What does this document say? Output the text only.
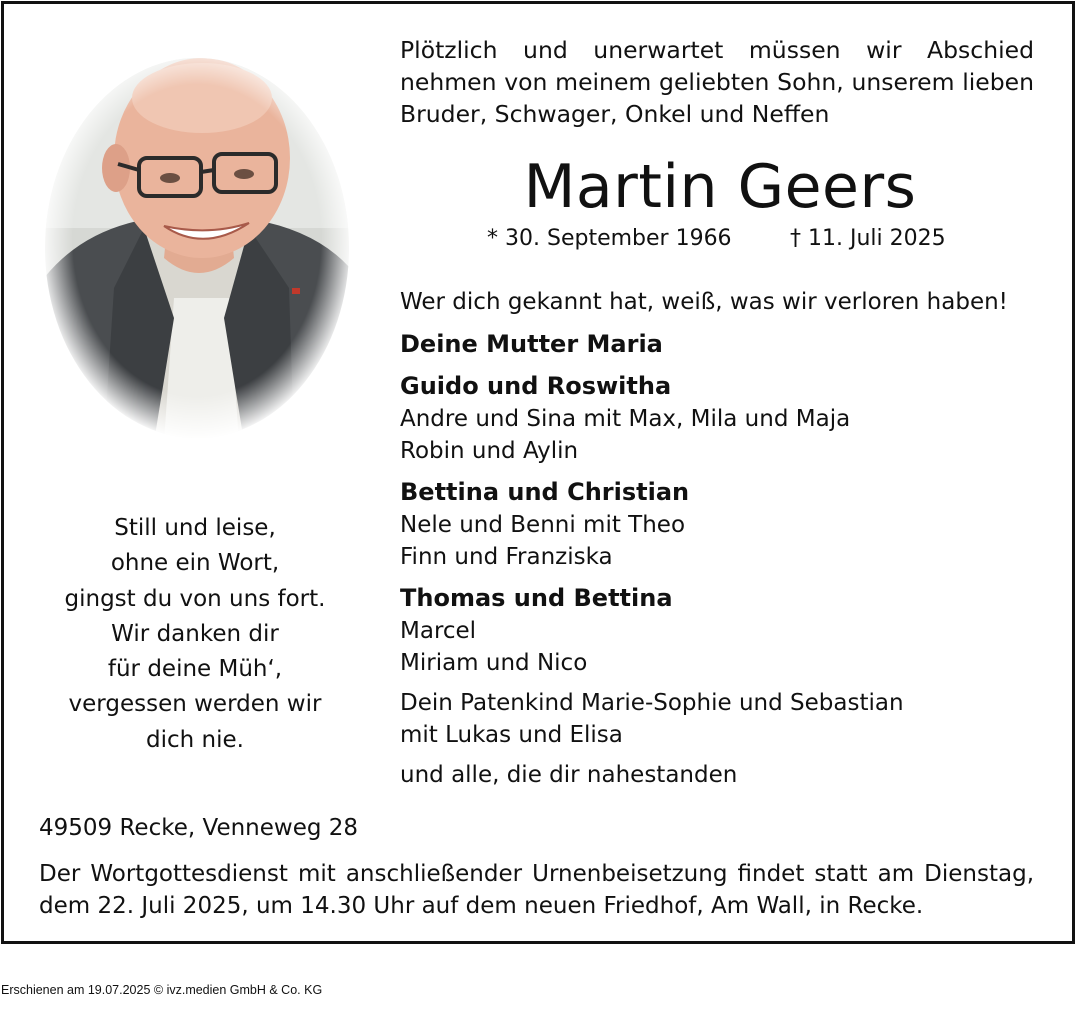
Plötzlich und unerwartet müssen wir Abschied nehmen von meinem geliebten Sohn, unserem lieben Bruder, Schwager, Onkel und Neffen
Martin Geers
* 30. September 1966	† 11. Juli 2025
Wer dich gekannt hat, weiß, was wir verloren haben!
Deine Mutter Maria
Guido und Roswitha
Andre und Sina mit Max, Mila und Maja
Robin und Aylin
Bettina und Christian
Nele und Benni mit Theo
Finn und Franziska
Thomas und Bettina
Marcel
Miriam und Nico
Dein Patenkind Marie-Sophie und Sebastian
mit Lukas und Elisa
und alle, die dir nahestanden
Still und leise,
ohne ein Wort,
gingst du von uns fort.
Wir danken dir
für deine Müh‘,
vergessen werden wir
dich nie.
49509 Recke, Venneweg 28
Der Wortgottesdienst mit anschließender Urnenbeisetzung findet statt am Dienstag, dem 22. Juli 2025, um 14.30 Uhr auf dem neuen Friedhof, Am Wall, in Recke.
Erschienen am 19.07.2025 © ivz.medien GmbH & Co. KG
